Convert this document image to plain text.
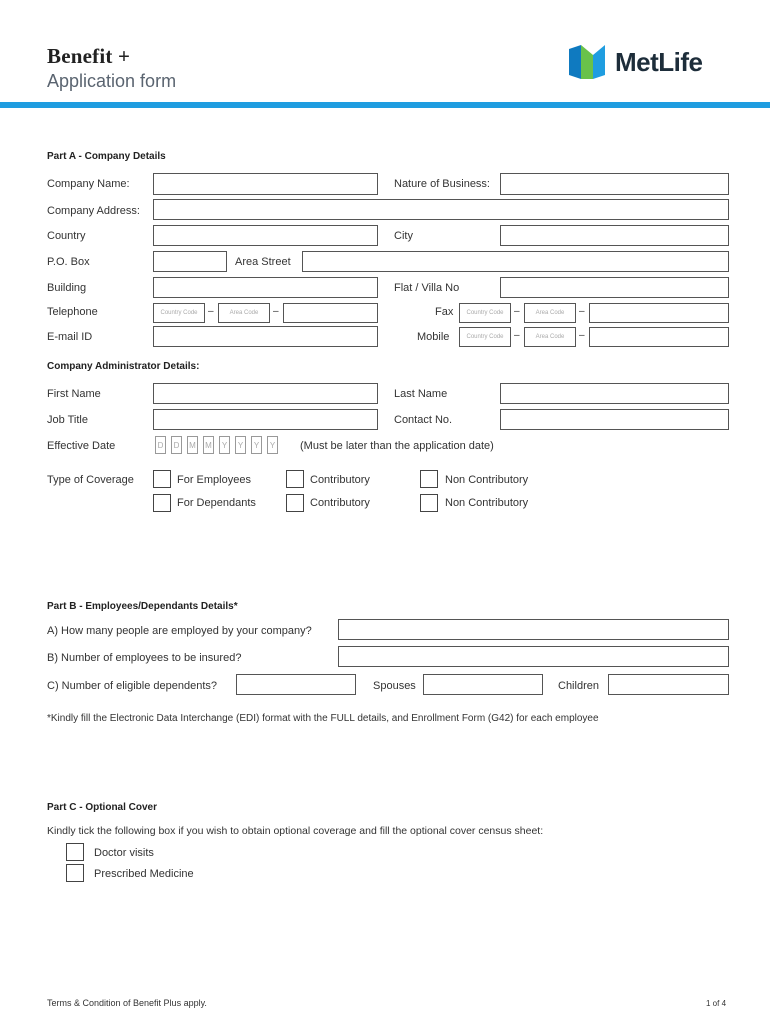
Benefit +
Application form
MetLife
Part A - Company Details
Company Name:	Nature of Business:
Company Address:
Country	City
P.O. Box	Area Street
Building	Flat / Villa No
Telephone	Country Code	–	Area Code	–	Fax	Country Code	–	Area Code	–
E-mail ID	Mobile	Country Code	–	Area Code	–
Company Administrator Details:
First Name	Last Name
Job Title	Contact No.
Effective Date	D	D	M M	Y	Y	Y	Y (Must be later than the application date)
Type of Coverage	For Employees	Contributory	Non Contributory
For Dependants	Contributory	Non Contributory
Part B - Employees/Dependants Details*
A) How many people are employed by your company?
B) Number of employees to be insured?
C) Number of eligible dependents?	Spouses	Children
*Kindly fill the Electronic Data Interchange (EDI) format with the FULL details, and Enrollment Form (G42) for each employee
Part C - Optional Cover
Kindly tick the following box if you wish to obtain optional coverage and fill the optional cover census sheet:
Doctor visits
Prescribed Medicine
Terms & Condition of Benefit Plus apply.	1 of 4
